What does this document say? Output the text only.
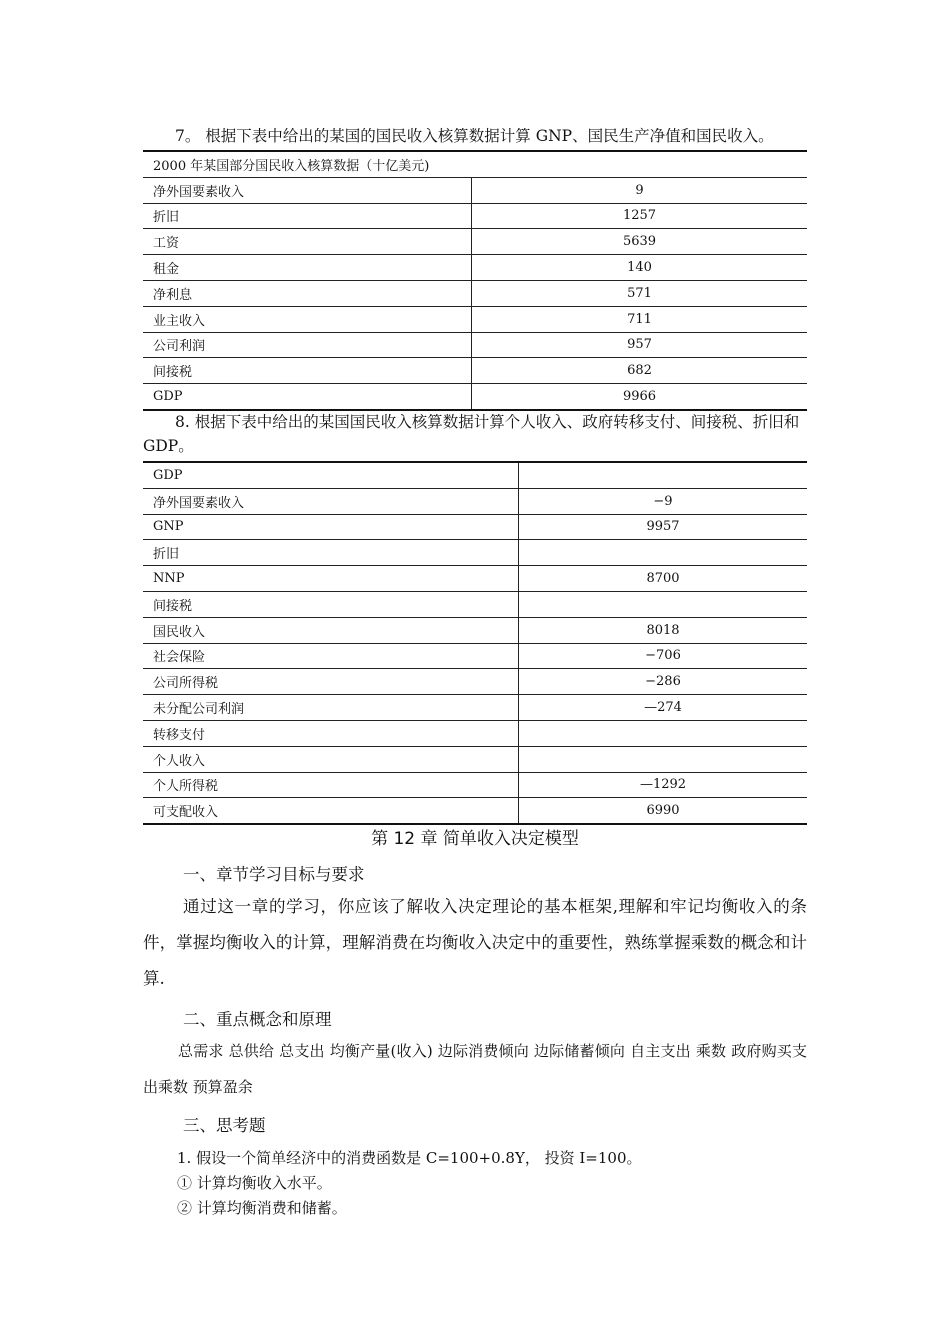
7。 根据下表中给出的某国的国民收入核算数据计算 GNP、国民生产净值和国民收入。
2000 年某国部分国民收入核算数据（十亿美元)	
净外国要素收入	9
折旧	1257
工资	5639
租金	140
净利息	571
业主收入	711
公司利润	957
间接税	682
GDP	9966
8. 根据下表中给出的某国国民收入核算数据计算个人收入、政府转移支付、间接税、折旧和 GDP。
GDP	
净外国要素收入	−9
GNP	9957
折旧	
NNP	8700
间接税	
国民收入	8018
社会保险	−706
公司所得税	−286
未分配公司利润	—274
转移支付	
个人收入	
个人所得税	—1292
可支配收入	6990
第 12 章 简单收入决定模型
一、章节学习目标与要求
通过这一章的学习，你应该了解收入决定理论的基本框架,理解和牢记均衡收入的条件，掌握均衡收入的计算，理解消费在均衡收入决定中的重要性，熟练掌握乘数的概念和计算.
二、重点概念和原理
总需求 总供给 总支出 均衡产量(收入) 边际消费倾向 边际储蓄倾向 自主支出 乘数 政府购买支出乘数 预算盈余
三、思考题
1. 假设一个简单经济中的消费函数是 C=100+0.8Y， 投资 I=100。
① 计算均衡收入水平。
② 计算均衡消费和储蓄。
